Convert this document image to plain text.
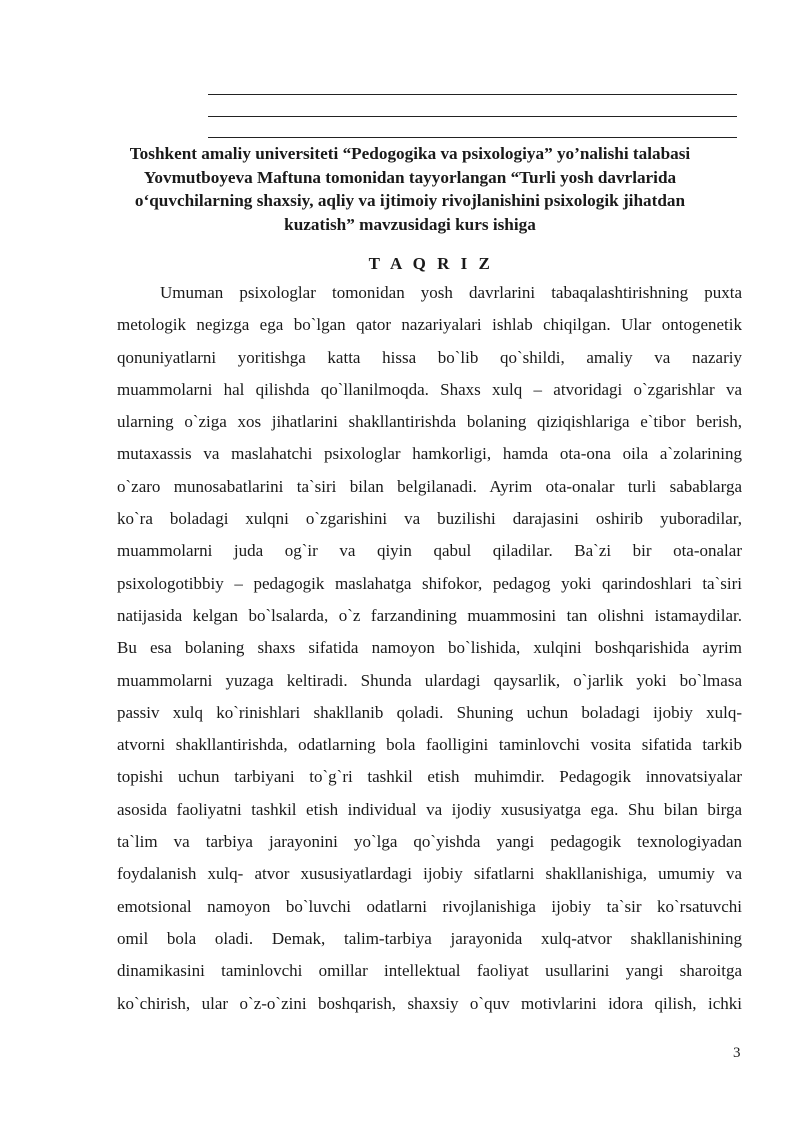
Toshkent amaliy universiteti “Pedogogika va psixologiya” yo’nalishi talabasi
Yovmutboyeva Maftuna tomonidan tayyorlangan “Turli yosh davrlarida
o‘quvchilarning shaxsiy, aqliy va ijtimoiy rivojlanishini psixologik jihatdan
kuzatish” mavzusidagi kurs ishiga
T A Q R I Z
Umuman psixologlar tomonidan yosh davrlarini tabaqalashtirishning puxta
metologik negizga ega bo`lgan qator nazariyalari ishlab chiqilgan. Ular ontogenetik
qonuniyatlarni yoritishga katta hissa bo`lib qo`shildi, amaliy va nazariy
muammolarni hal qilishda qo`llanilmoqda. Shaxs xulq – atvoridagi o`zgarishlar va
ularning o`ziga xos jihatlarini shakllantirishda bolaning qiziqishlariga e`tibor berish,
mutaxassis va maslahatchi psixologlar hamkorligi, hamda ota-ona oila a`zolarining
o`zaro munosabatlarini ta`siri bilan belgilanadi. Ayrim ota-onalar turli sabablarga
ko`ra boladagi xulqni o`zgarishini va buzilishi darajasini oshirib yuboradilar,
muammolarni juda og`ir va qiyin qabul qiladilar. Ba`zi bir ota-onalar
psixologotibbiy – pedagogik maslahatga shifokor, pedagog yoki qarindoshlari ta`siri
natijasida kelgan bo`lsalarda, o`z farzandining muammosini tan olishni istamaydilar.
Bu esa bolaning shaxs sifatida namoyon bo`lishida, xulqini boshqarishida ayrim
muammolarni yuzaga keltiradi. Shunda ulardagi qaysarlik, o`jarlik yoki bo`lmasa
passiv xulq ko`rinishlari shakllanib qoladi. Shuning uchun boladagi ijobiy xulq-
atvorni shakllantirishda, odatlarning bola faolligini taminlovchi vosita sifatida tarkib
topishi uchun tarbiyani to`g`ri tashkil etish muhimdir. Pedagogik innovatsiyalar
asosida faoliyatni tashkil etish individual va ijodiy xususiyatga ega. Shu bilan birga
ta`lim va tarbiya jarayonini yo`lga qo`yishda yangi pedagogik texnologiyadan
foydalanish xulq- atvor xususiyatlardagi ijobiy sifatlarni shakllanishiga, umumiy va
emotsional namoyon bo`luvchi odatlarni rivojlanishiga ijobiy ta`sir ko`rsatuvchi
omil bola oladi. Demak, talim-tarbiya jarayonida xulq-atvor shakllanishining
dinamikasini taminlovchi omillar intellektual faoliyat usullarini yangi sharoitga
ko`chirish, ular o`z-o`zini boshqarish, shaxsiy o`quv motivlarini idora qilish, ichki
3
